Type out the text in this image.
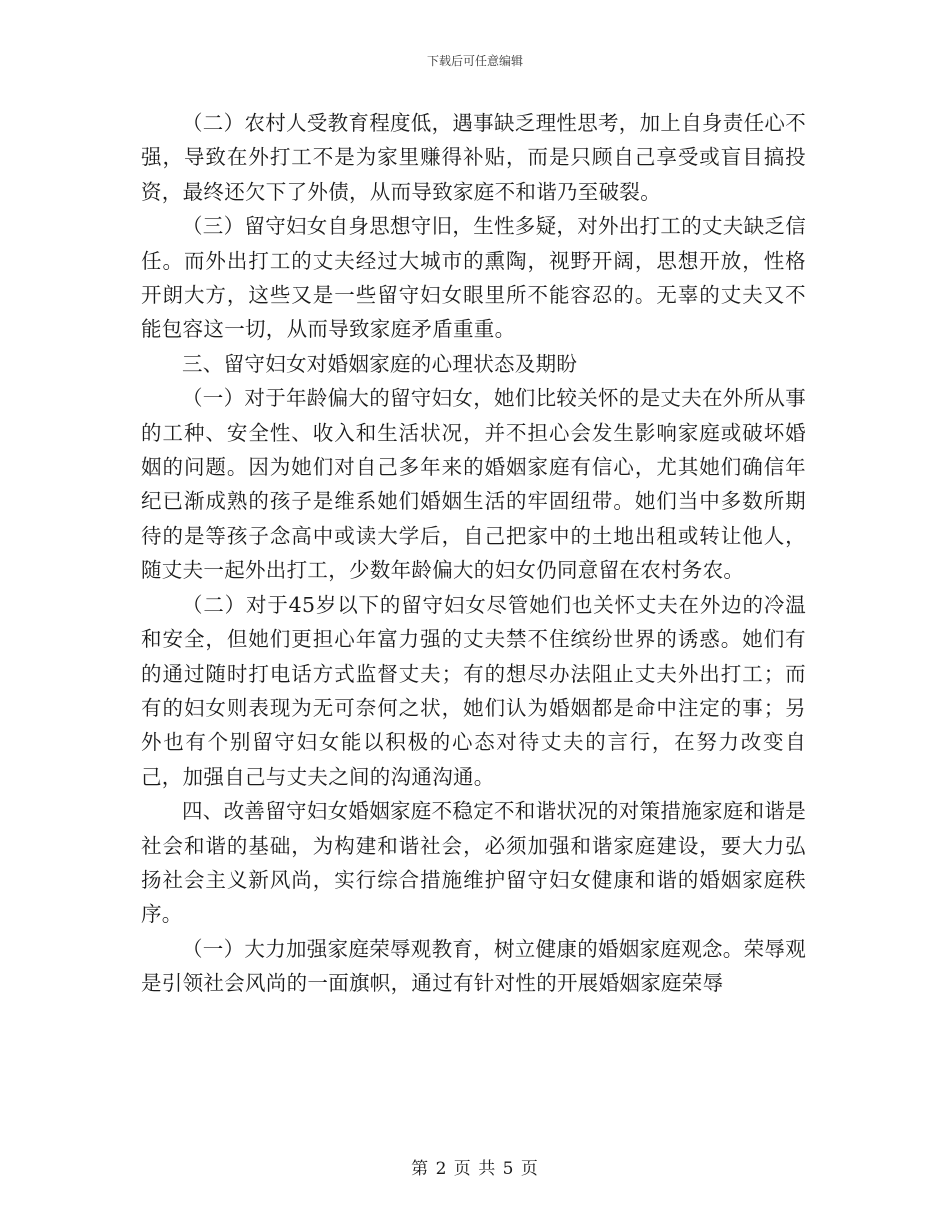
下载后可任意编辑

（二）农村人受教育程度低，遇事缺乏理性思考，加上自身责任心不强，导致在外打工不是为家里赚得补贴，而是只顾自己享受或盲目搞投资，最终还欠下了外债，从而导致家庭不和谐乃至破裂。

（三）留守妇女自身思想守旧，生性多疑，对外出打工的丈夫缺乏信任。而外出打工的丈夫经过大城市的熏陶，视野开阔，思想开放，性格开朗大方，这些又是一些留守妇女眼里所不能容忍的。无辜的丈夫又不能包容这一切，从而导致家庭矛盾重重。

三、留守妇女对婚姻家庭的心理状态及期盼

（一）对于年龄偏大的留守妇女，她们比较关怀的是丈夫在外所从事的工种、安全性、收入和生活状况，并不担心会发生影响家庭或破坏婚姻的问题。因为她们对自己多年来的婚姻家庭有信心，尤其她们确信年纪已渐成熟的孩子是维系她们婚姻生活的牢固纽带。她们当中多数所期待的是等孩子念高中或读大学后，自己把家中的土地出租或转让他人，随丈夫一起外出打工，少数年龄偏大的妇女仍同意留在农村务农。

（二）对于45岁以下的留守妇女尽管她们也关怀丈夫在外边的冷温和安全，但她们更担心年富力强的丈夫禁不住缤纷世界的诱惑。她们有的通过随时打电话方式监督丈夫；有的想尽办法阻止丈夫外出打工；而有的妇女则表现为无可奈何之状，她们认为婚姻都是命中注定的事；另外也有个别留守妇女能以积极的心态对待丈夫的言行，在努力改变自己，加强自己与丈夫之间的沟通沟通。

四、改善留守妇女婚姻家庭不稳定不和谐状况的对策措施家庭和谐是社会和谐的基础，为构建和谐社会，必须加强和谐家庭建设，要大力弘扬社会主义新风尚，实行综合措施维护留守妇女健康和谐的婚姻家庭秩序。

（一）大力加强家庭荣辱观教育，树立健康的婚姻家庭观念。荣辱观是引领社会风尚的一面旗帜，通过有针对性的开展婚姻家庭荣辱

第 2 页 共 5 页
